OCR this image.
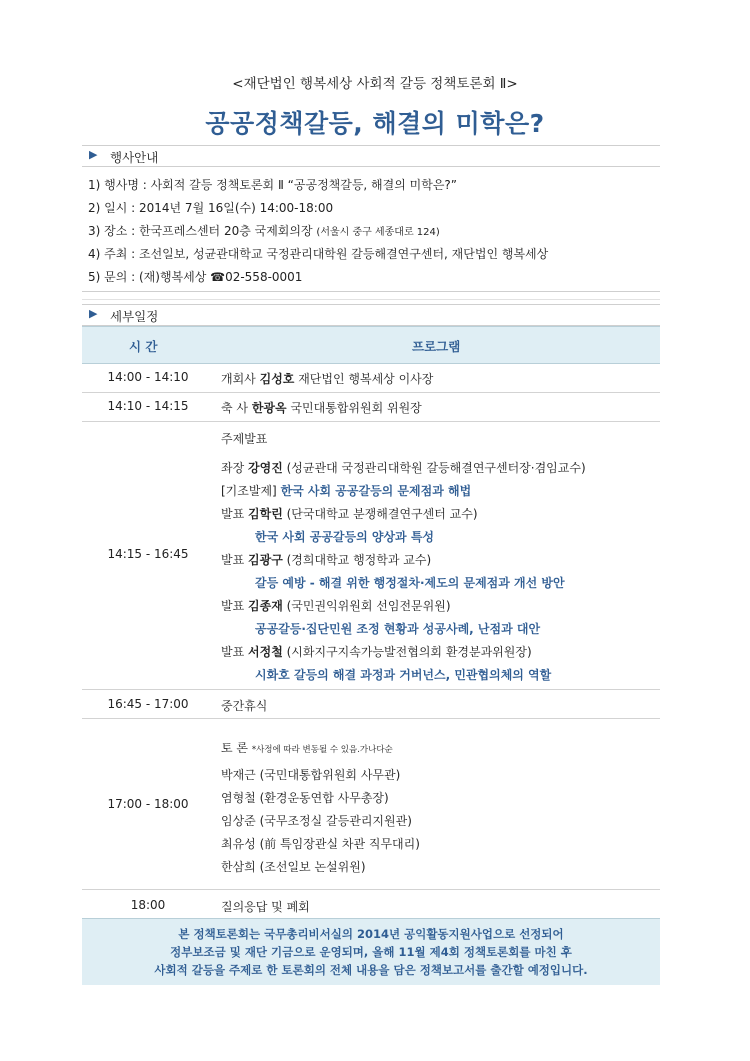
<재단법인 행복세상 사회적 갈등 정책토론회 Ⅱ>
공공정책갈등, 해결의 미학은?
▶ 행사안내
1) 행사명 : 사회적 갈등 정책토론회 Ⅱ “공공정책갈등, 해결의 미학은?”
2) 일시 : 2014년 7월 16일(수) 14:00-18:00
3) 장소 : 한국프레스센터 20층 국제회의장 (서울시 중구 세종대로 124)
4) 주최 : 조선일보, 성균관대학교 국정관리대학원 갈등해결연구센터, 재단법인 행복세상
5) 문의 : (재)행복세상 ☎02-558-0001
▶ 세부일정
시 간	프로그램
14:00 - 14:10	개회사 김성호 재단법인 행복세상 이사장
14:10 - 14:15	축 사 한광옥 국민대통합위원회 위원장
14:15 - 16:45
주제발표
좌장 강영진 (성균관대 국정관리대학원 갈등해결연구센터장·겸임교수)
[기조발제] 한국 사회 공공갈등의 문제점과 해법
발표 김학린 (단국대학교 분쟁해결연구센터 교수)
한국 사회 공공갈등의 양상과 특성
발표 김광구 (경희대학교 행정학과 교수)
갈등 예방 - 해결 위한 행정절차·제도의 문제점과 개선 방안
발표 김종재 (국민권익위원회 선임전문위원)
공공갈등·집단민원 조정 현황과 성공사례, 난점과 대안
발표 서정철 (시화지구지속가능발전협의회 환경분과위원장)
시화호 갈등의 해결 과정과 거버넌스, 민관협의체의 역할
16:45 - 17:00	중간휴식
17:00 - 18:00
토 론 *사정에 따라 변동될 수 있음.가나다순
박재근 (국민대통합위원회 사무관)
염형철 (환경운동연합 사무총장)
임상준 (국무조정실 갈등관리지원관)
최유성 (前 특임장관실 차관 직무대리)
한삼희 (조선일보 논설위원)
18:00	질의응답 및 폐회
본 정책토론회는 국무총리비서실의 2014년 공익활동지원사업으로 선정되어
정부보조금 및 재단 기금으로 운영되며, 올해 11월 제4회 정책토론회를 마친 후
사회적 갈등을 주제로 한 토론회의 전체 내용을 담은 정책보고서를 출간할 예정입니다.
